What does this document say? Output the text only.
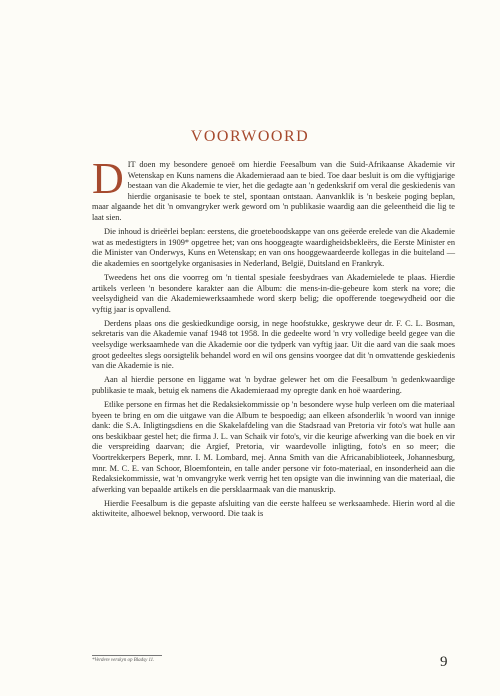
VOORWOORD

DIT doen my besondere genoeë om hierdie Feesalbum van die Suid-Afrikaanse Akademie vir Wetenskap en Kuns namens die Akademieraad aan te bied. Toe daar besluit is om die vyftigjarige bestaan van die Akademie te vier, het die gedagte aan 'n gedenkskrif om veral die geskiedenis van hierdie organisasie te boek te stel, spontaan ontstaan. Aanvanklik is 'n beskeie poging beplan, maar algaande het dit 'n omvangryker werk geword om 'n publikasie waardig aan die geleentheid die lig te laat sien.

Die inhoud is drieërlei beplan: eerstens, die groeteboodskappe van ons geëerde erelede van die Akademie wat as medestigters in 1909* opgetree het; van ons hooggeagte waardigheidsbekleërs, die Eerste Minister en die Minister van Onderwys, Kuns en Wetenskap; en van ons hooggewaardeerde kollegas in die buiteland — die akademies en soortgelyke organisasies in Nederland, België, Duitsland en Frankryk.

Tweedens het ons die voorreg om 'n tiental spesiale feesbydraes van Akademielede te plaas. Hierdie artikels verleen 'n besondere karakter aan die Album: die mens-in-die-gebeure kom sterk na vore; die veelsydigheid van die Akademiewerksaamhede word skerp belig; die opofferende toegewydheid oor die vyftig jaar is opvallend.

Derdens plaas ons die geskiedkundige oorsig, in nege hoofstukke, geskrywe deur dr. F. C. L. Bosman, sekretaris van die Akademie vanaf 1948 tot 1958. In die gedeelte word 'n vry volledige beeld gegee van die veelsydige werksaamhede van die Akademie oor die tydperk van vyftig jaar. Uit die aard van die saak moes groot gedeeltes slegs oorsigtelik behandel word en wil ons gensins voorgee dat dit 'n omvattende geskiedenis van die Akademie is nie.

Aan al hierdie persone en liggame wat 'n bydrae gelewer het om die Feesalbum 'n gedenkwaardige publikasie te maak, betuig ek namens die Akademieraad my opregte dank en hoë waardering.

Etlike persone en firmas het die Redaksiekommissie op 'n besondere wyse hulp verleen om die materiaal byeen te bring en om die uitgawe van die Album te bespoedig; aan elkeen afsonderlik 'n woord van innige dank: die S.A. Inligtingsdiens en die Skakelafdeling van die Stadsraad van Pretoria vir foto's wat hulle aan ons beskikbaar gestel het; die firma J. L. van Schaik vir foto's, vir die keurige afwerking van die boek en vir die verspreiding daarvan; die Argief, Pretoria, vir waardevolle inligting, foto's en so meer; die Voortrekkerpers Beperk, mnr. I. M. Lombard, mej. Anna Smith van die Africanabiblioteek, Johannesburg, mnr. M. C. E. van Schoor, Bloemfontein, en talle ander persone vir foto-materiaal, en insonderheid aan die Redaksiekommissie, wat 'n omvangryke werk verrig het ten opsigte van die inwinning van die materiaal, die afwerking van bepaalde artikels en die persklaarmaak van die manuskrip.

Hierdie Feesalbum is die gepaste afsluiting van die eerste halfeeu se werksaamhede. Hierin word al die aktiwiteite, alhoewel beknop, verwoord. Die taak is

*Verdere verskyn op Bladsy 11.	9
